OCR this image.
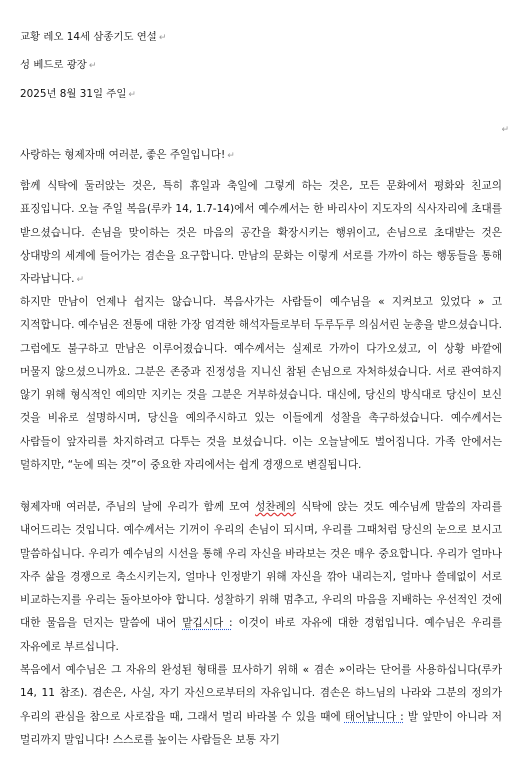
교황 레오 14세 삼종기도 연설 ↵
성 베드로 광장 ↵
2025년 8월 31일 주일 ↵
↵
사랑하는 형제자매 여러분, 좋은 주일입니다! ↵

함께 식탁에 둘러앉는 것은, 특히 휴일과 축일에 그렇게 하는 것은, 모든 문화에서 평화와 친교의 표징입니다. 오늘 주일 복음(루카 14, 1.7-14)에서 예수께서는 한 바리사이 지도자의 식사자리에 초대를 받으셨습니다. 손님을 맞이하는 것은 마음의 공간을 확장시키는 행위이고, 손님으로 초대받는 것은 상대방의 세계에 들어가는 겸손을 요구합니다. 만남의 문화는 이렇게 서로를 가까이 하는 행동들을 통해 자라납니다. ↵

하지만 만남이 언제나 쉽지는 않습니다. 복음사가는 사람들이 예수님을 « 지켜보고 있었다 » 고 지적합니다. 예수님은 전통에 대한 가장 엄격한 해석자들로부터 두루두루 의심서린 눈총을 받으셨습니다. 그럼에도 불구하고 만남은 이루어졌습니다. 예수께서는 실제로 가까이 다가오셨고, 이 상황 바깥에 머물지 않으셨으니까요. 그분은 존중과 진정성을 지니신 참된 손님으로 자처하셨습니다. 서로 관여하지 않기 위해 형식적인 예의만 지키는 것을 그분은 거부하셨습니다. 대신에, 당신의 방식대로 당신이 보신 것을 비유로 설명하시며, 당신을 예의주시하고 있는 이들에게 성찰을 촉구하셨습니다. 예수께서는 사람들이 앞자리를 차지하려고 다투는 것을 보셨습니다. 이는 오늘날에도 벌어집니다. 가족 안에서는 덜하지만, “눈에 띄는 것”이 중요한 자리에서는 쉽게 경쟁으로 변질됩니다.

형제자매 여러분, 주님의 날에 우리가 함께 모여 성찬례의 식탁에 앉는 것도 예수님께 말씀의 자리를 내어드리는 것입니다. 예수께서는 기꺼이 우리의 손님이 되시며, 우리를 그때처럼 당신의 눈으로 보시고 말씀하십니다. 우리가 예수님의 시선을 통해 우리 자신을 바라보는 것은 매우 중요합니다. 우리가 얼마나 자주 삶을 경쟁으로 축소시키는지, 얼마나 인정받기 위해 자신을 깎아 내리는지, 얼마나 쓸데없이 서로 비교하는지를 우리는 돌아보아야 합니다. 성찰하기 위해 멈추고, 우리의 마음을 지배하는 우선적인 것에 대한 물음을 던지는 말씀에 내어 맡깁시다 : 이것이 바로 자유에 대한 경험입니다. 예수님은 우리를 자유에로 부르십니다.

복음에서 예수님은 그 자유의 완성된 형태를 묘사하기 위해 « 겸손 »이라는 단어를 사용하십니다(루카 14, 11 참조). 겸손은, 사실, 자기 자신으로부터의 자유입니다. 겸손은 하느님의 나라와 그분의 정의가 우리의 관심을 참으로 사로잡을 때, 그래서 멀리 바라볼 수 있을 때에 태어납니다 : 발 앞만이 아니라 저 멀리까지 말입니다! 스스로를 높이는 사람들은 보통 자기
